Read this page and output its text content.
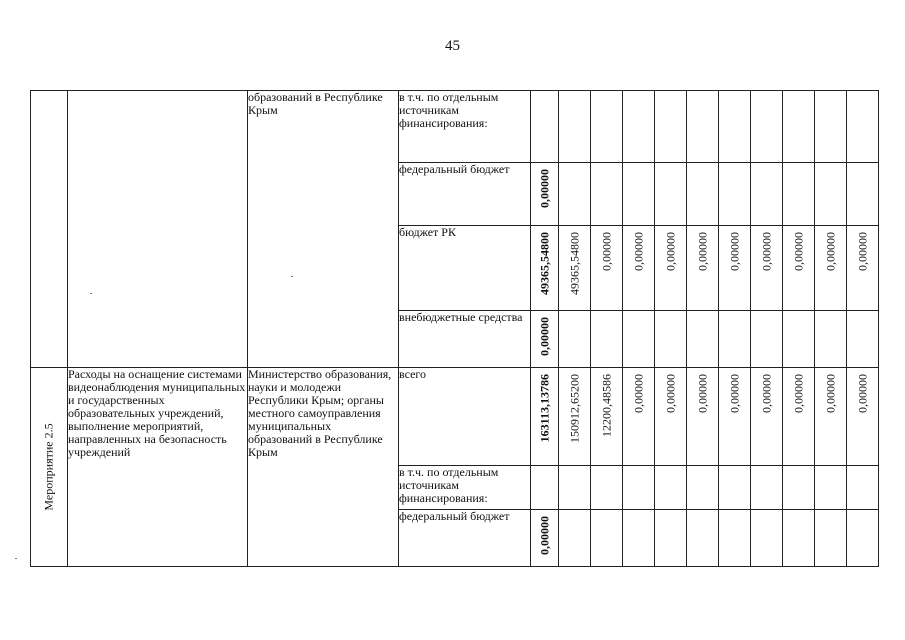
45
		образований в Республике Крым	в т.ч. по отдельным источникам финансирования:											
			федеральный бюджет	0,00000										

			бюджет РК	49365,54800	49365,54800	0,00000	0,00000	0,00000	0,00000	0,00000	0,00000	0,00000	0,00000	0,00000

			внебюджетные средства	0,00000										

Мероприятие 2.5	Расходы на оснащение системами видеонаблюдения муниципальных и государственных образовательных учреждений, выполнение мероприятий, направленных на безопасность учреждений	Министерство образования, науки и молодежи Республики Крым; органы местного самоуправления муниципальных образований в Республике Крым	всего	163113,13786	150912,65200	12200,48586	0,00000	0,00000	0,00000	0,00000	0,00000	0,00000	0,00000	0,00000

			в т.ч. по отдельным источникам финансирования:											
			федеральный бюджет	0,00000										
